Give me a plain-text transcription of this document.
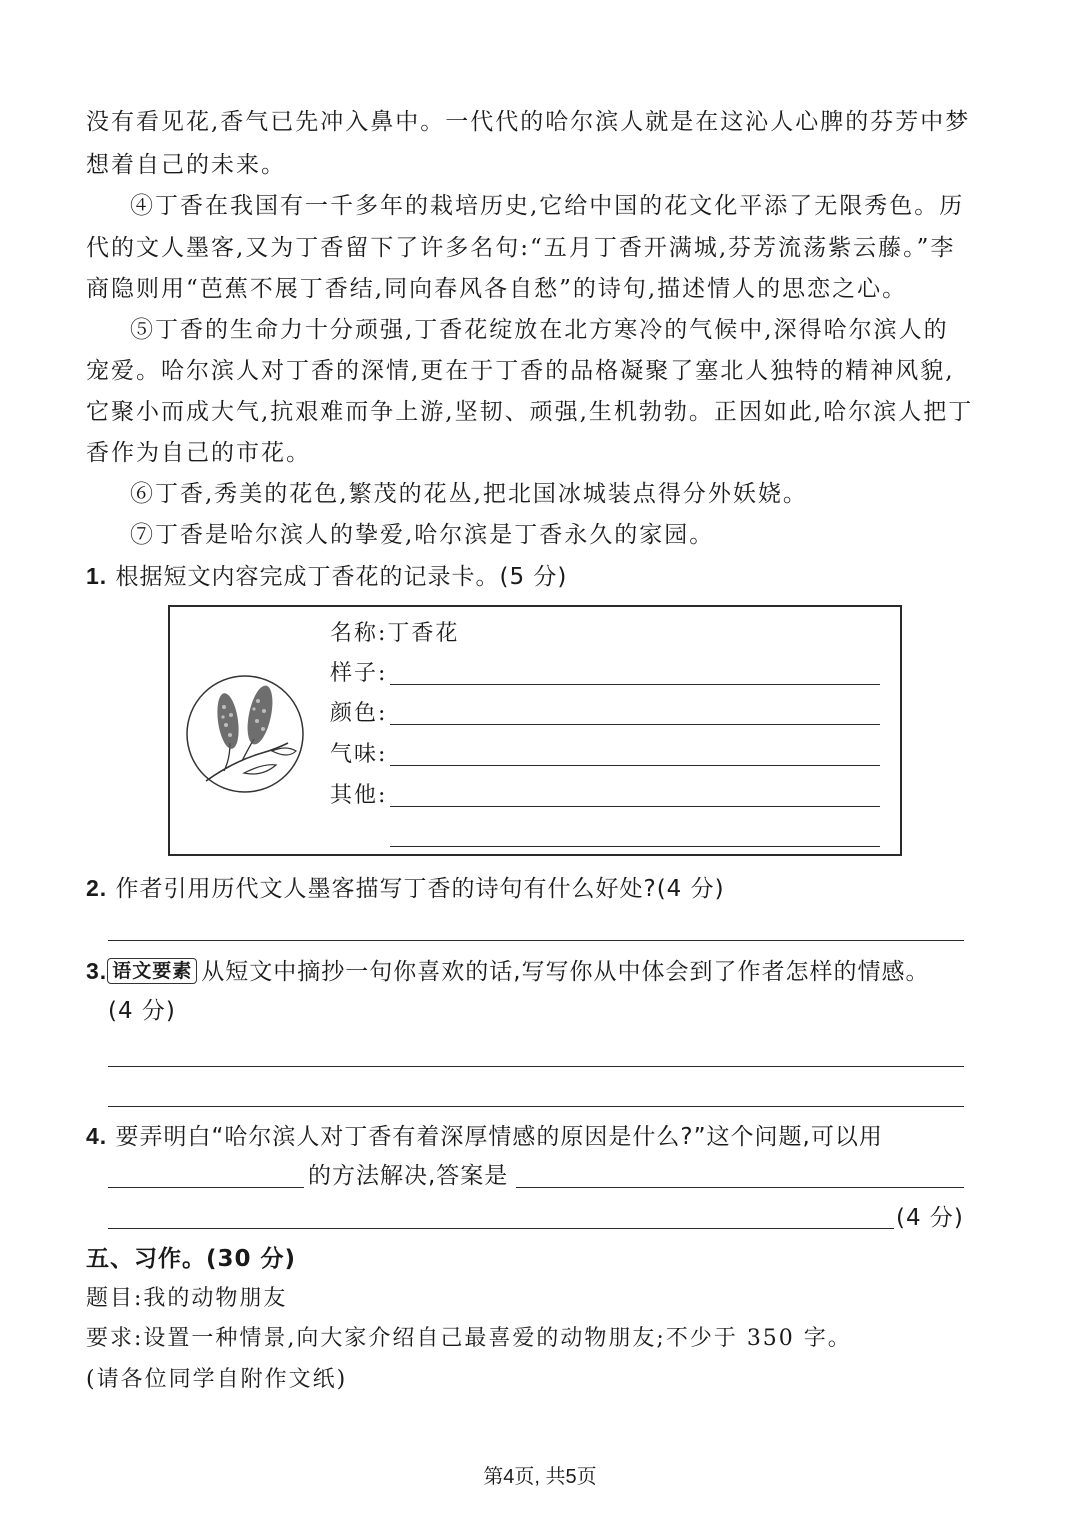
没有看见花,香气已先冲入鼻中。一代代的哈尔滨人就是在这沁人心脾的芬芳中梦
想着自己的未来。
④丁香在我国有一千多年的栽培历史,它给中国的花文化平添了无限秀色。历
代的文人墨客,又为丁香留下了许多名句:“五月丁香开满城,芬芳流荡紫云藤。”李
商隐则用“芭蕉不展丁香结,同向春风各自愁”的诗句,描述情人的思恋之心。
⑤丁香的生命力十分顽强,丁香花绽放在北方寒冷的气候中,深得哈尔滨人的
宠爱。哈尔滨人对丁香的深情,更在于丁香的品格凝聚了塞北人独特的精神风貌,
它聚小而成大气,抗艰难而争上游,坚韧、顽强,生机勃勃。正因如此,哈尔滨人把丁
香作为自己的市花。
⑥丁香,秀美的花色,繁茂的花丛,把北国冰城装点得分外妖娆。
⑦丁香是哈尔滨人的挚爱,哈尔滨是丁香永久的家园。
1. 根据短文内容完成丁香花的记录卡。(5 分)
名称:丁香花
样子:
颜色:
气味:
其他:
2. 作者引用历代文人墨客描写丁香的诗句有什么好处?(4 分)
3. 语文要素 从短文中摘抄一句你喜欢的话,写写你从中体会到了作者怎样的情感。
(4 分)
4. 要弄明白“哈尔滨人对丁香有着深厚情感的原因是什么?”这个问题,可以用
的方法解决,答案是
(4 分)
五、习作。(30 分)
题目:我的动物朋友
要求:设置一种情景,向大家介绍自己最喜爱的动物朋友;不少于 350 字。
(请各位同学自附作文纸)
第4页, 共5页
